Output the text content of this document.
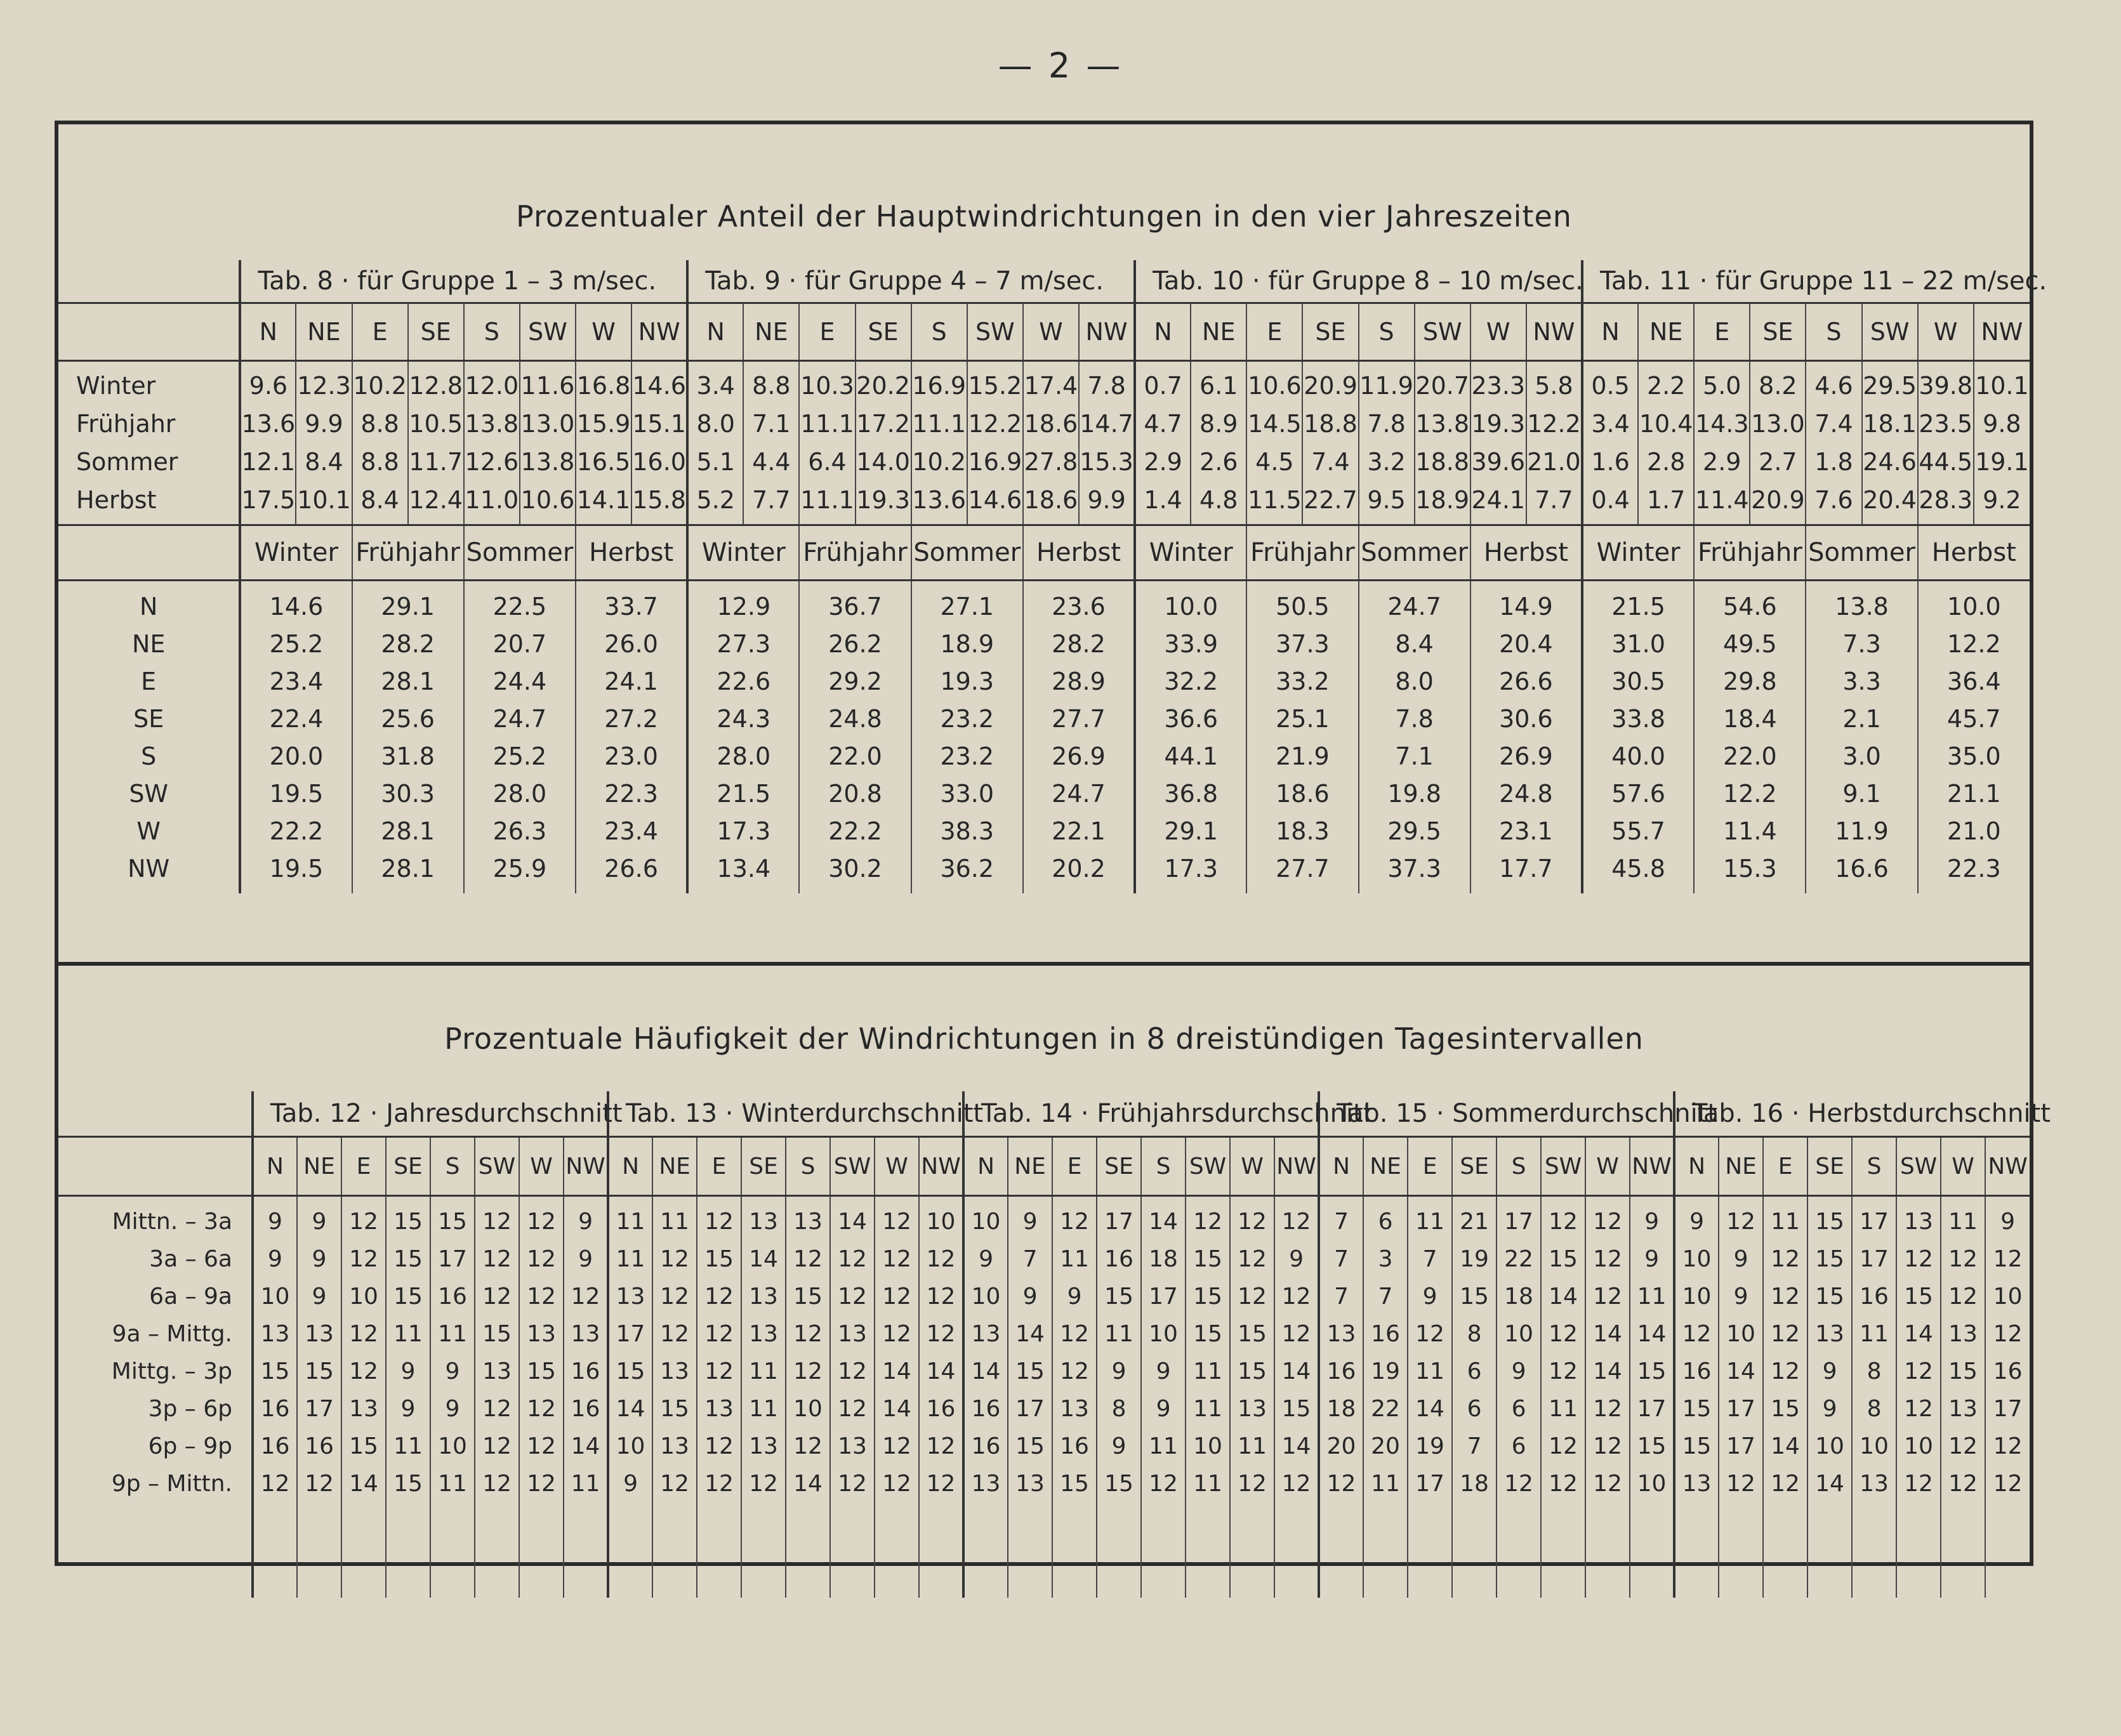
— 2 —
Prozentualer Anteil der Hauptwindrichtungen in den vier Jahreszeiten
	Tab. 8 · für Gruppe 1 – 3 m/sec.								Tab. 9 · für Gruppe 4 – 7 m/sec.								Tab. 10 · für Gruppe 8 – 10 m/sec.								Tab. 11 · für Gruppe 11 – 22 m/sec.							
	N	NE	E	SE	S	SW	W	NW	N	NE	E	SE	S	SW	W	NW	N	NE	E	SE	S	SW	W	NW	N	NE	E	SE	S	SW	W	NW
Winter	9.6	12.3	10.2	12.8	12.0	11.6	16.8	14.6	3.4	8.8	10.3	20.2	16.9	15.2	17.4	7.8	0.7	6.1	10.6	20.9	11.9	20.7	23.3	5.8	0.5	2.2	5.0	8.2	4.6	29.5	39.8	10.1
Frühjahr	13.6	9.9	8.8	10.5	13.8	13.0	15.9	15.1	8.0	7.1	11.1	17.2	11.1	12.2	18.6	14.7	4.7	8.9	14.5	18.8	7.8	13.8	19.3	12.2	3.4	10.4	14.3	13.0	7.4	18.1	23.5	9.8
Sommer	12.1	8.4	8.8	11.7	12.6	13.8	16.5	16.0	5.1	4.4	6.4	14.0	10.2	16.9	27.8	15.3	2.9	2.6	4.5	7.4	3.2	18.8	39.6	21.0	1.6	2.8	2.9	2.7	1.8	24.6	44.5	19.1
Herbst	17.5	10.1	8.4	12.4	11.0	10.6	14.1	15.8	5.2	7.7	11.1	19.3	13.6	14.6	18.6	9.9	1.4	4.8	11.5	22.7	9.5	18.9	24.1	7.7	0.4	1.7	11.4	20.9	7.6	20.4	28.3	9.2
	Winter		Frühjahr		Sommer		Herbst		Winter		Frühjahr		Sommer		Herbst		Winter		Frühjahr		Sommer		Herbst		Winter		Frühjahr		Sommer		Herbst	
N	14.6		29.1		22.5		33.7		12.9		36.7		27.1		23.6		10.0		50.5		24.7		14.9		21.5		54.6		13.8		10.0	
NE	25.2		28.2		20.7		26.0		27.3		26.2		18.9		28.2		33.9		37.3		8.4		20.4		31.0		49.5		7.3		12.2	
E	23.4		28.1		24.4		24.1		22.6		29.2		19.3		28.9		32.2		33.2		8.0		26.6		30.5		29.8		3.3		36.4	
SE	22.4		25.6		24.7		27.2		24.3		24.8		23.2		27.7		36.6		25.1		7.8		30.6		33.8		18.4		2.1		45.7	
S	20.0		31.8		25.2		23.0		28.0		22.0		23.2		26.9		44.1		21.9		7.1		26.9		40.0		22.0		3.0		35.0	
SW	19.5		30.3		28.0		22.3		21.5		20.8		33.0		24.7		36.8		18.6		19.8		24.8		57.6		12.2		9.1		21.1	
W	22.2		28.1		26.3		23.4		17.3		22.2		38.3		22.1		29.1		18.3		29.5		23.1		55.7		11.4		11.9		21.0	
NW	19.5		28.1		25.9		26.6		13.4		30.2		36.2		20.2		17.3		27.7		37.3		17.7		45.8		15.3		16.6		22.3	
Prozentuale Häufigkeit der Windrichtungen in 8 dreistündigen Tagesintervallen
	Tab. 12 · Jahresdurchschnitt								Tab. 13 · Winterdurchschnitt								Tab. 14 · Frühjahrsdurchschnitt								Tab. 15 · Sommerdurchschnitt								Tab. 16 · Herbstdurchschnitt							
	N	NE	E	SE	S	SW	W	NW	N	NE	E	SE	S	SW	W	NW	N	NE	E	SE	S	SW	W	NW	N	NE	E	SE	S	SW	W	NW	N	NE	E	SE	S	SW	W	NW
Mittn. – 3a	9	9	12	15	15	12	12	9	11	11	12	13	13	14	12	10	10	9	12	17	14	12	12	12	7	6	11	21	17	12	12	9	9	12	11	15	17	13	11	9
3a – 6a	9	9	12	15	17	12	12	9	11	12	15	14	12	12	12	12	9	7	11	16	18	15	12	9	7	3	7	19	22	15	12	9	10	9	12	15	17	12	12	12
6a – 9a	10	9	10	15	16	12	12	12	13	12	12	13	15	12	12	12	10	9	9	15	17	15	12	12	7	7	9	15	18	14	12	11	10	9	12	15	16	15	12	10
9a – Mittg.	13	13	12	11	11	15	13	13	17	12	12	13	12	13	12	12	13	14	12	11	10	15	15	12	13	16	12	8	10	12	14	14	12	10	12	13	11	14	13	12
Mittg. – 3p	15	15	12	9	9	13	15	16	15	13	12	11	12	12	14	14	14	15	12	9	9	11	15	14	16	19	11	6	9	12	14	15	16	14	12	9	8	12	15	16
3p – 6p	16	17	13	9	9	12	12	16	14	15	13	11	10	12	14	16	16	17	13	8	9	11	13	15	18	22	14	6	6	11	12	17	15	17	15	9	8	12	13	17
6p – 9p	16	16	15	11	10	12	12	14	10	13	12	13	12	13	12	12	16	15	16	9	11	10	11	14	20	20	19	7	6	12	12	15	15	17	14	10	10	10	12	12
9p – Mittn.	12	12	14	15	11	12	12	11	9	12	12	12	14	12	12	12	13	13	15	15	12	11	12	12	12	11	17	18	12	12	12	10	13	12	12	14	13	12	12	12
